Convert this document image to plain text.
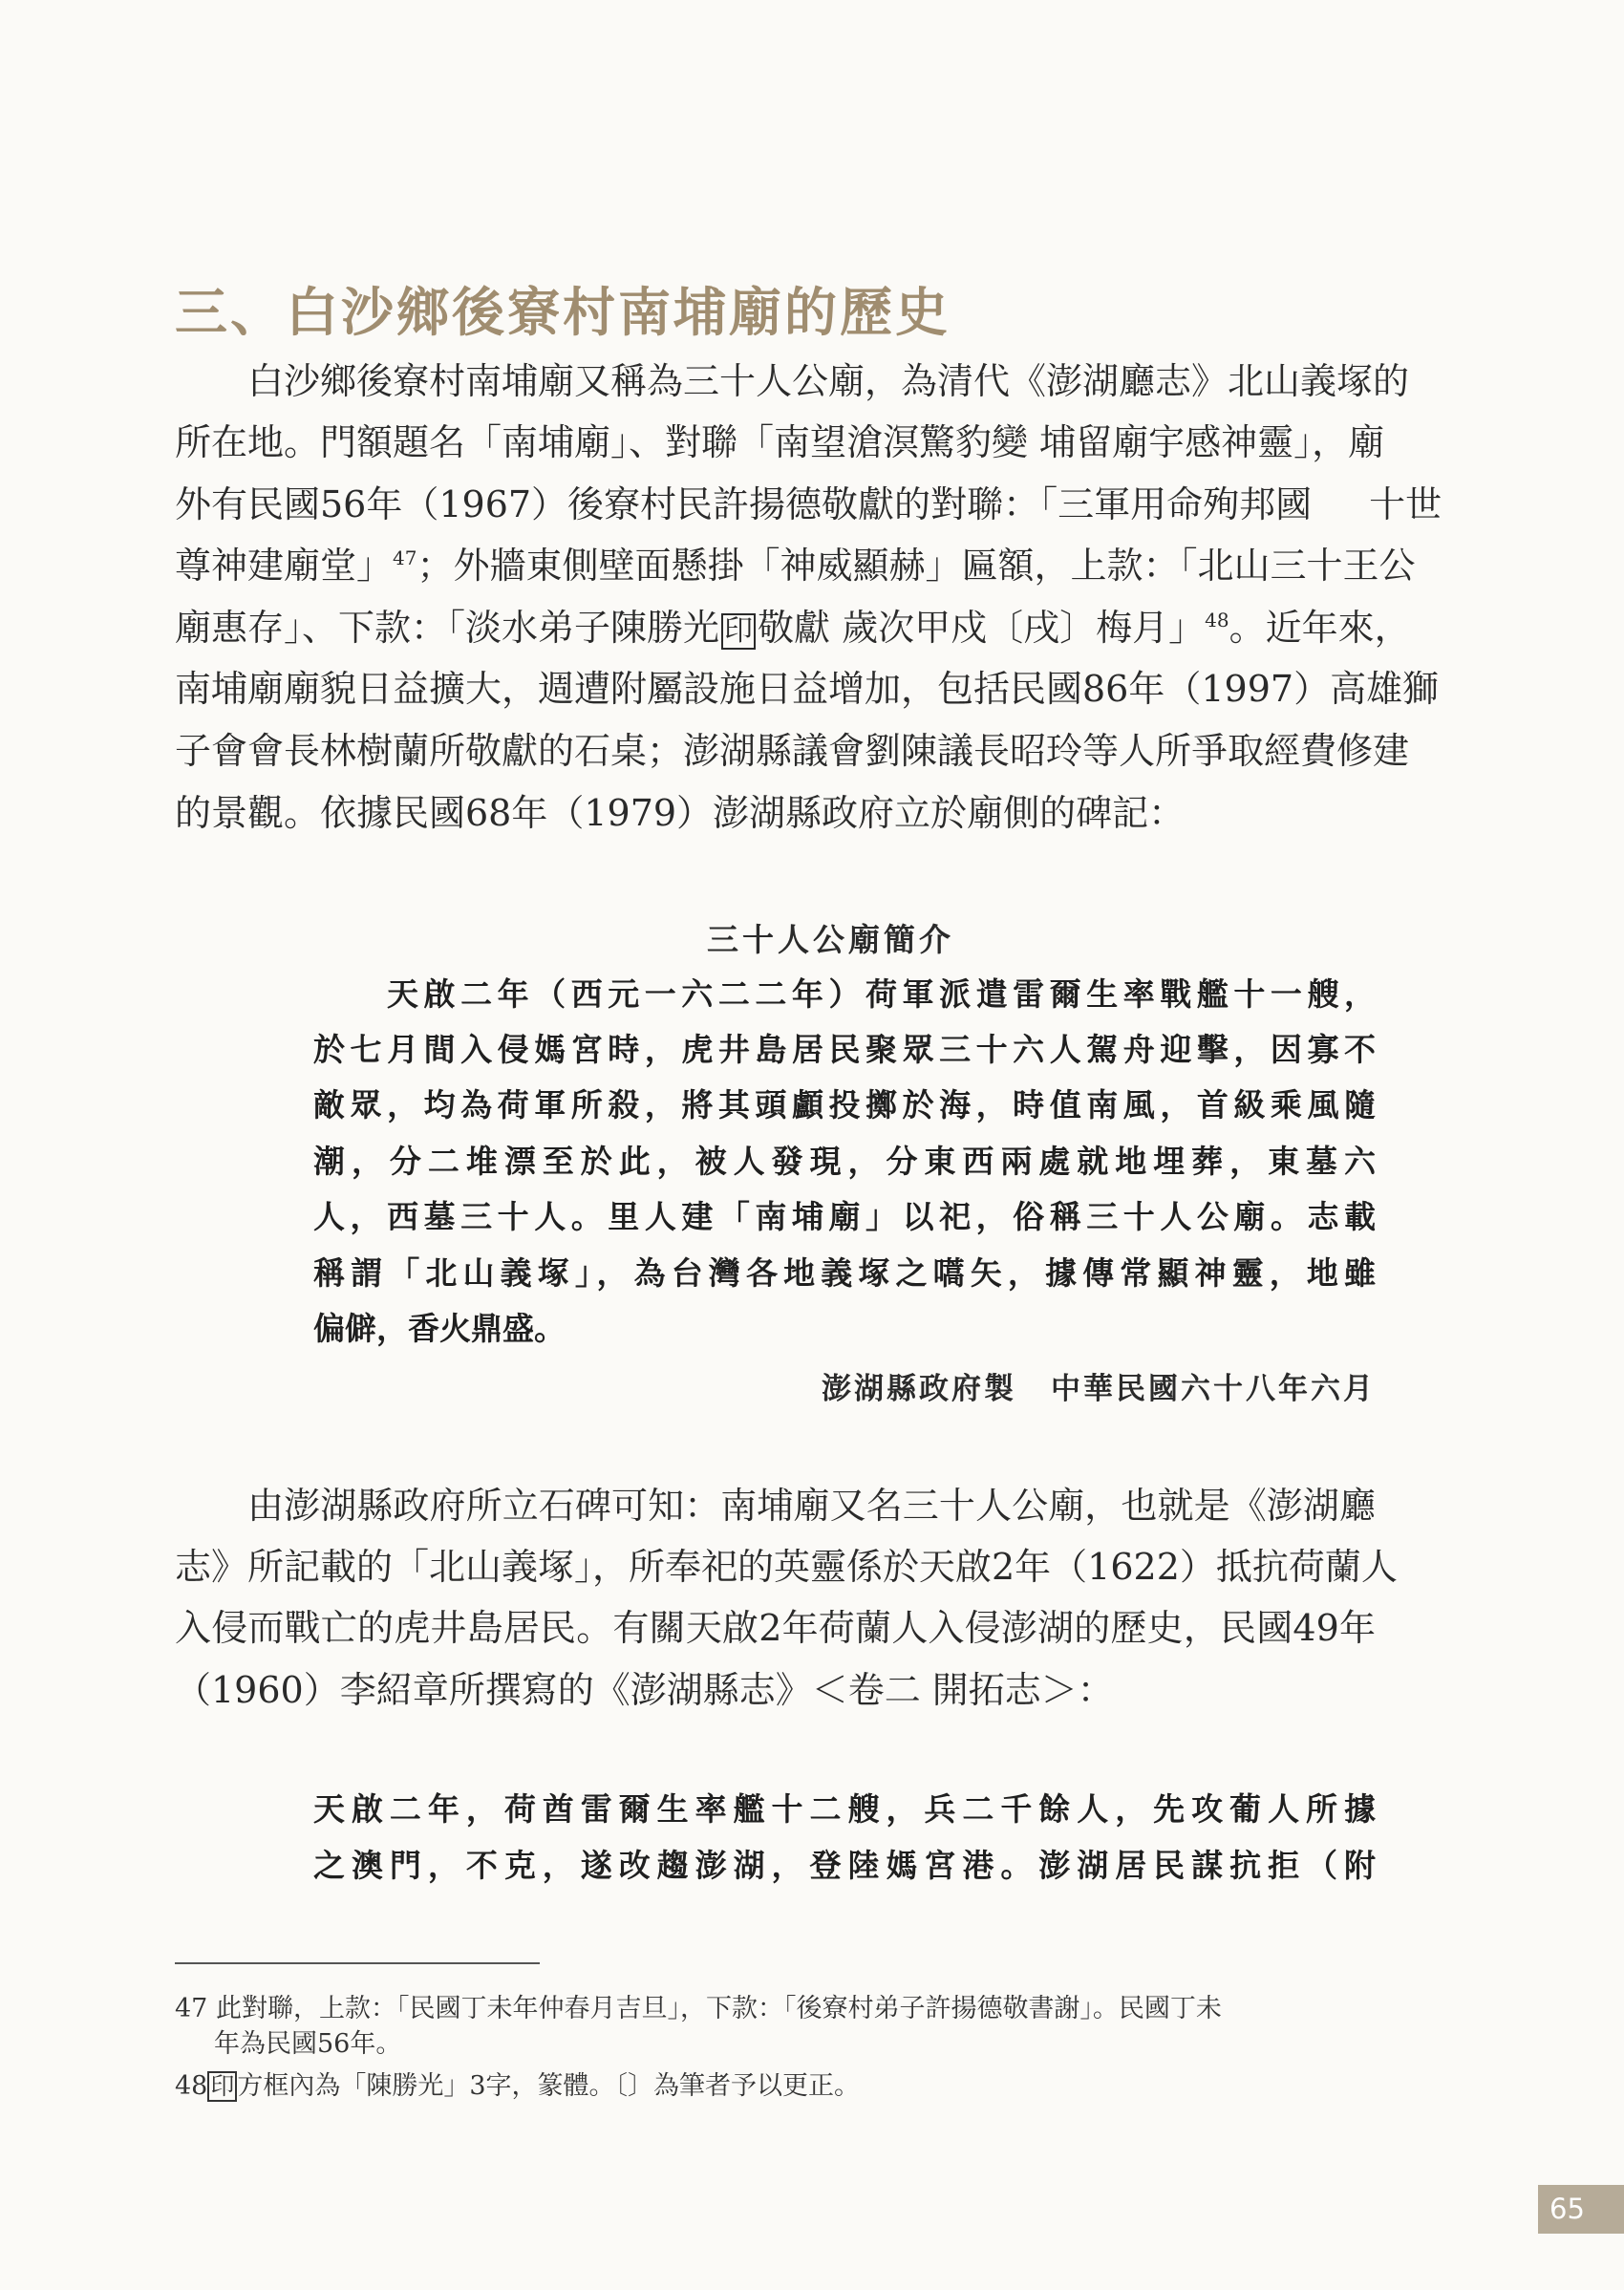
三、白沙鄉後寮村南埔廟的歷史
白沙鄉後寮村南埔廟又稱為三十人公廟，為清代《澎湖廳志》北山義塚的
所在地。門額題名「南埔廟」、對聯「南望滄溟驚豹變 埔留廟宇感神靈」，廟
外有民國56年（1967）後寮村民許揚德敬獻的對聯：「三軍用命殉邦國 十世
尊神建廟堂」$^{47}$；外牆東側壁面懸掛「神威顯赫」匾額，上款：「北山三十王公
廟惠存」、下款：「淡水弟子陳勝光 印 敬獻 歲次甲戍〔戌〕梅月」$^{48}$。近年來，
南埔廟廟貌日益擴大，週遭附屬設施日益增加，包括民國86年（1997）高雄獅
子會會長林樹蘭所敬獻的石桌；澎湖縣議會劉陳議長昭玲等人所爭取經費修建
的景觀。依據民國68年（1979）澎湖縣政府立於廟側的碑記：
三十人公廟簡介
天啟二年（西元一六二二年）荷軍派遣雷爾生率戰艦十一艘，
於七月間入侵媽宮時，虎井島居民聚眾三十六人駕舟迎擊，因寡不
敵眾，均為荷軍所殺，將其頭顱投擲於海，時值南風，首級乘風隨
潮，分二堆漂至於此，被人發現，分東西兩處就地埋葬，東墓六
人，西墓三十人。里人建「南埔廟」以祀，俗稱三十人公廟。志載
稱謂「北山義塚」，為台灣各地義塚之嚆矢，據傳常顯神靈，地雖
偏僻，香火鼎盛。
澎湖縣政府製 中華民國六十八年六月
由澎湖縣政府所立石碑可知：南埔廟又名三十人公廟，也就是《澎湖廳
志》所記載的「北山義塚」，所奉祀的英靈係於天啟2年（1622）抵抗荷蘭人
入侵而戰亡的虎井島居民。有關天啟2年荷蘭人入侵澎湖的歷史，民國49年
（1960）李紹章所撰寫的《澎湖縣志》＜卷二 開拓志＞：
天啟二年，荷酋雷爾生率艦十二艘，兵二千餘人，先攻葡人所據
之澳門，不克，遂改趨澎湖，登陸媽宮港。澎湖居民謀抗拒（附
47 此對聯，上款：「民國丁未年仲春月吉旦」，下款：「後寮村弟子許揚德敬書謝」。民國丁未
年為民國56年。
48 印 方框內為「陳勝光」3字，篆體。〔〕為筆者予以更正。
65
